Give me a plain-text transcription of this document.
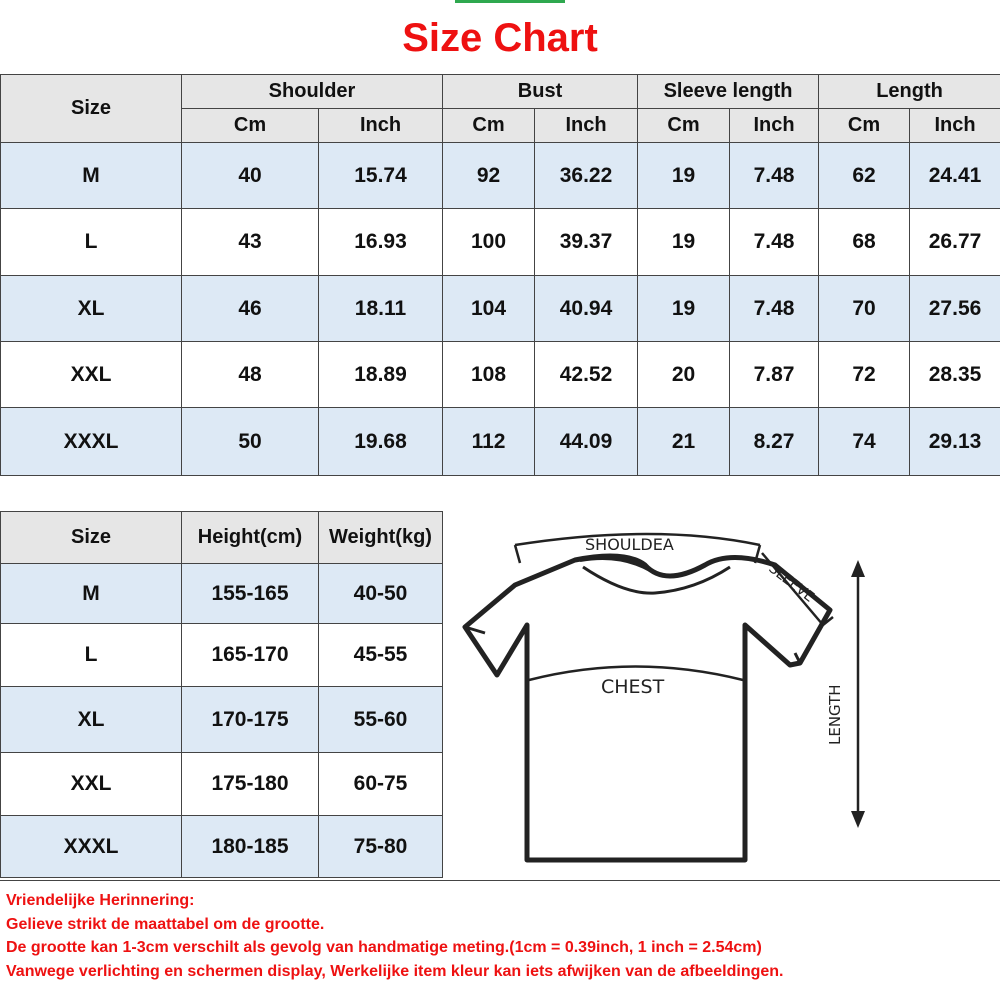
Size Chart
Size	Shoulder		Bust		Sleeve length		Length	
	Cm	Inch	Cm	Inch	Cm	Inch	Cm	Inch
M	40	15.74	92	36.22	19	7.48	62	24.41
L	43	16.93	100	39.37	19	7.48	68	26.77
XL	46	18.11	104	40.94	19	7.48	70	27.56
XXL	48	18.89	108	42.52	20	7.87	72	28.35
XXXL	50	19.68	112	44.09	21	8.27	74	29.13
Size	Height(cm)	Weight(kg)
M	155-165	40-50
L	165-170	45-55
XL	170-175	55-60
XXL	175-180	60-75
XXXL	180-185	75-80
SHOULDEA
SLEEVE
CHEST	LENGTH
Vriendelijke Herinnering:
Gelieve strikt de maattabel om de grootte.
De grootte kan 1-3cm verschilt als gevolg van handmatige meting.(1cm = 0.39inch, 1 inch = 2.54cm)
Vanwege verlichting en schermen display, Werkelijke item kleur kan iets afwijken van de afbeeldingen.
